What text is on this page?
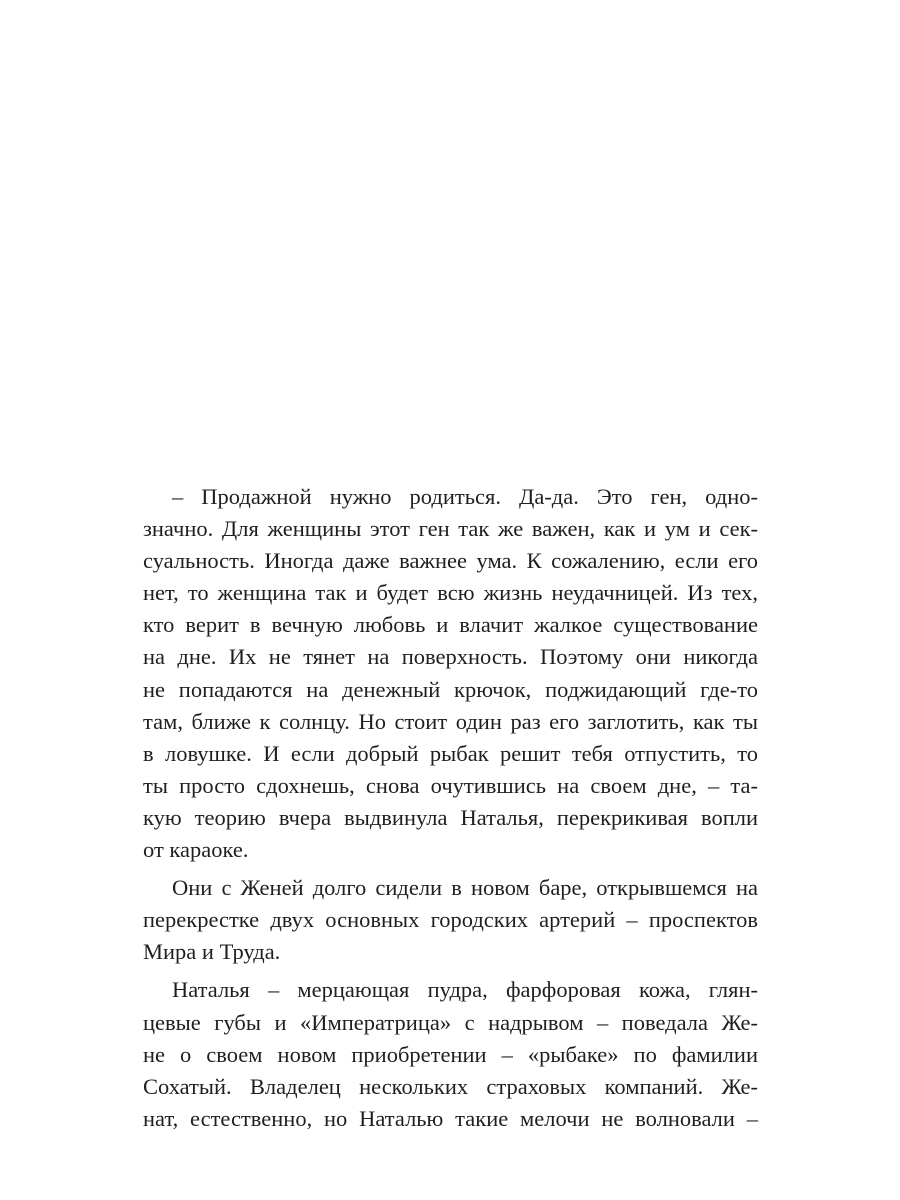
– Продажной нужно родиться. Да-да. Это ген, одно-
значно. Для женщины этот ген так же важен, как и ум и сек-
суальность. Иногда даже важнее ума. К сожалению, если его
нет, то женщина так и будет всю жизнь неудачницей. Из тех,
кто верит в вечную любовь и влачит жалкое существование
на дне. Их не тянет на поверхность. Поэтому они никогда
не попадаются на денежный крючок, поджидающий где-то
там, ближе к солнцу. Но стоит один раз его заглотить, как ты
в ловушке. И если добрый рыбак решит тебя отпустить, то
ты просто сдохнешь, снова очутившись на своем дне, – та-
кую теорию вчера выдвинула Наталья, перекрикивая вопли
от караоке.

Они с Женей долго сидели в новом баре, открывшемся на
перекрестке двух основных городских артерий – проспектов
Мира и Труда.

Наталья – мерцающая пудра, фарфоровая кожа, глян-
цевые губы и «Императрица» с надрывом – поведала Же-
не о своем новом приобретении – «рыбаке» по фамилии
Сохатый. Владелец нескольких страховых компаний. Же-
нат, естественно, но Наталью такие мелочи не волновали –
